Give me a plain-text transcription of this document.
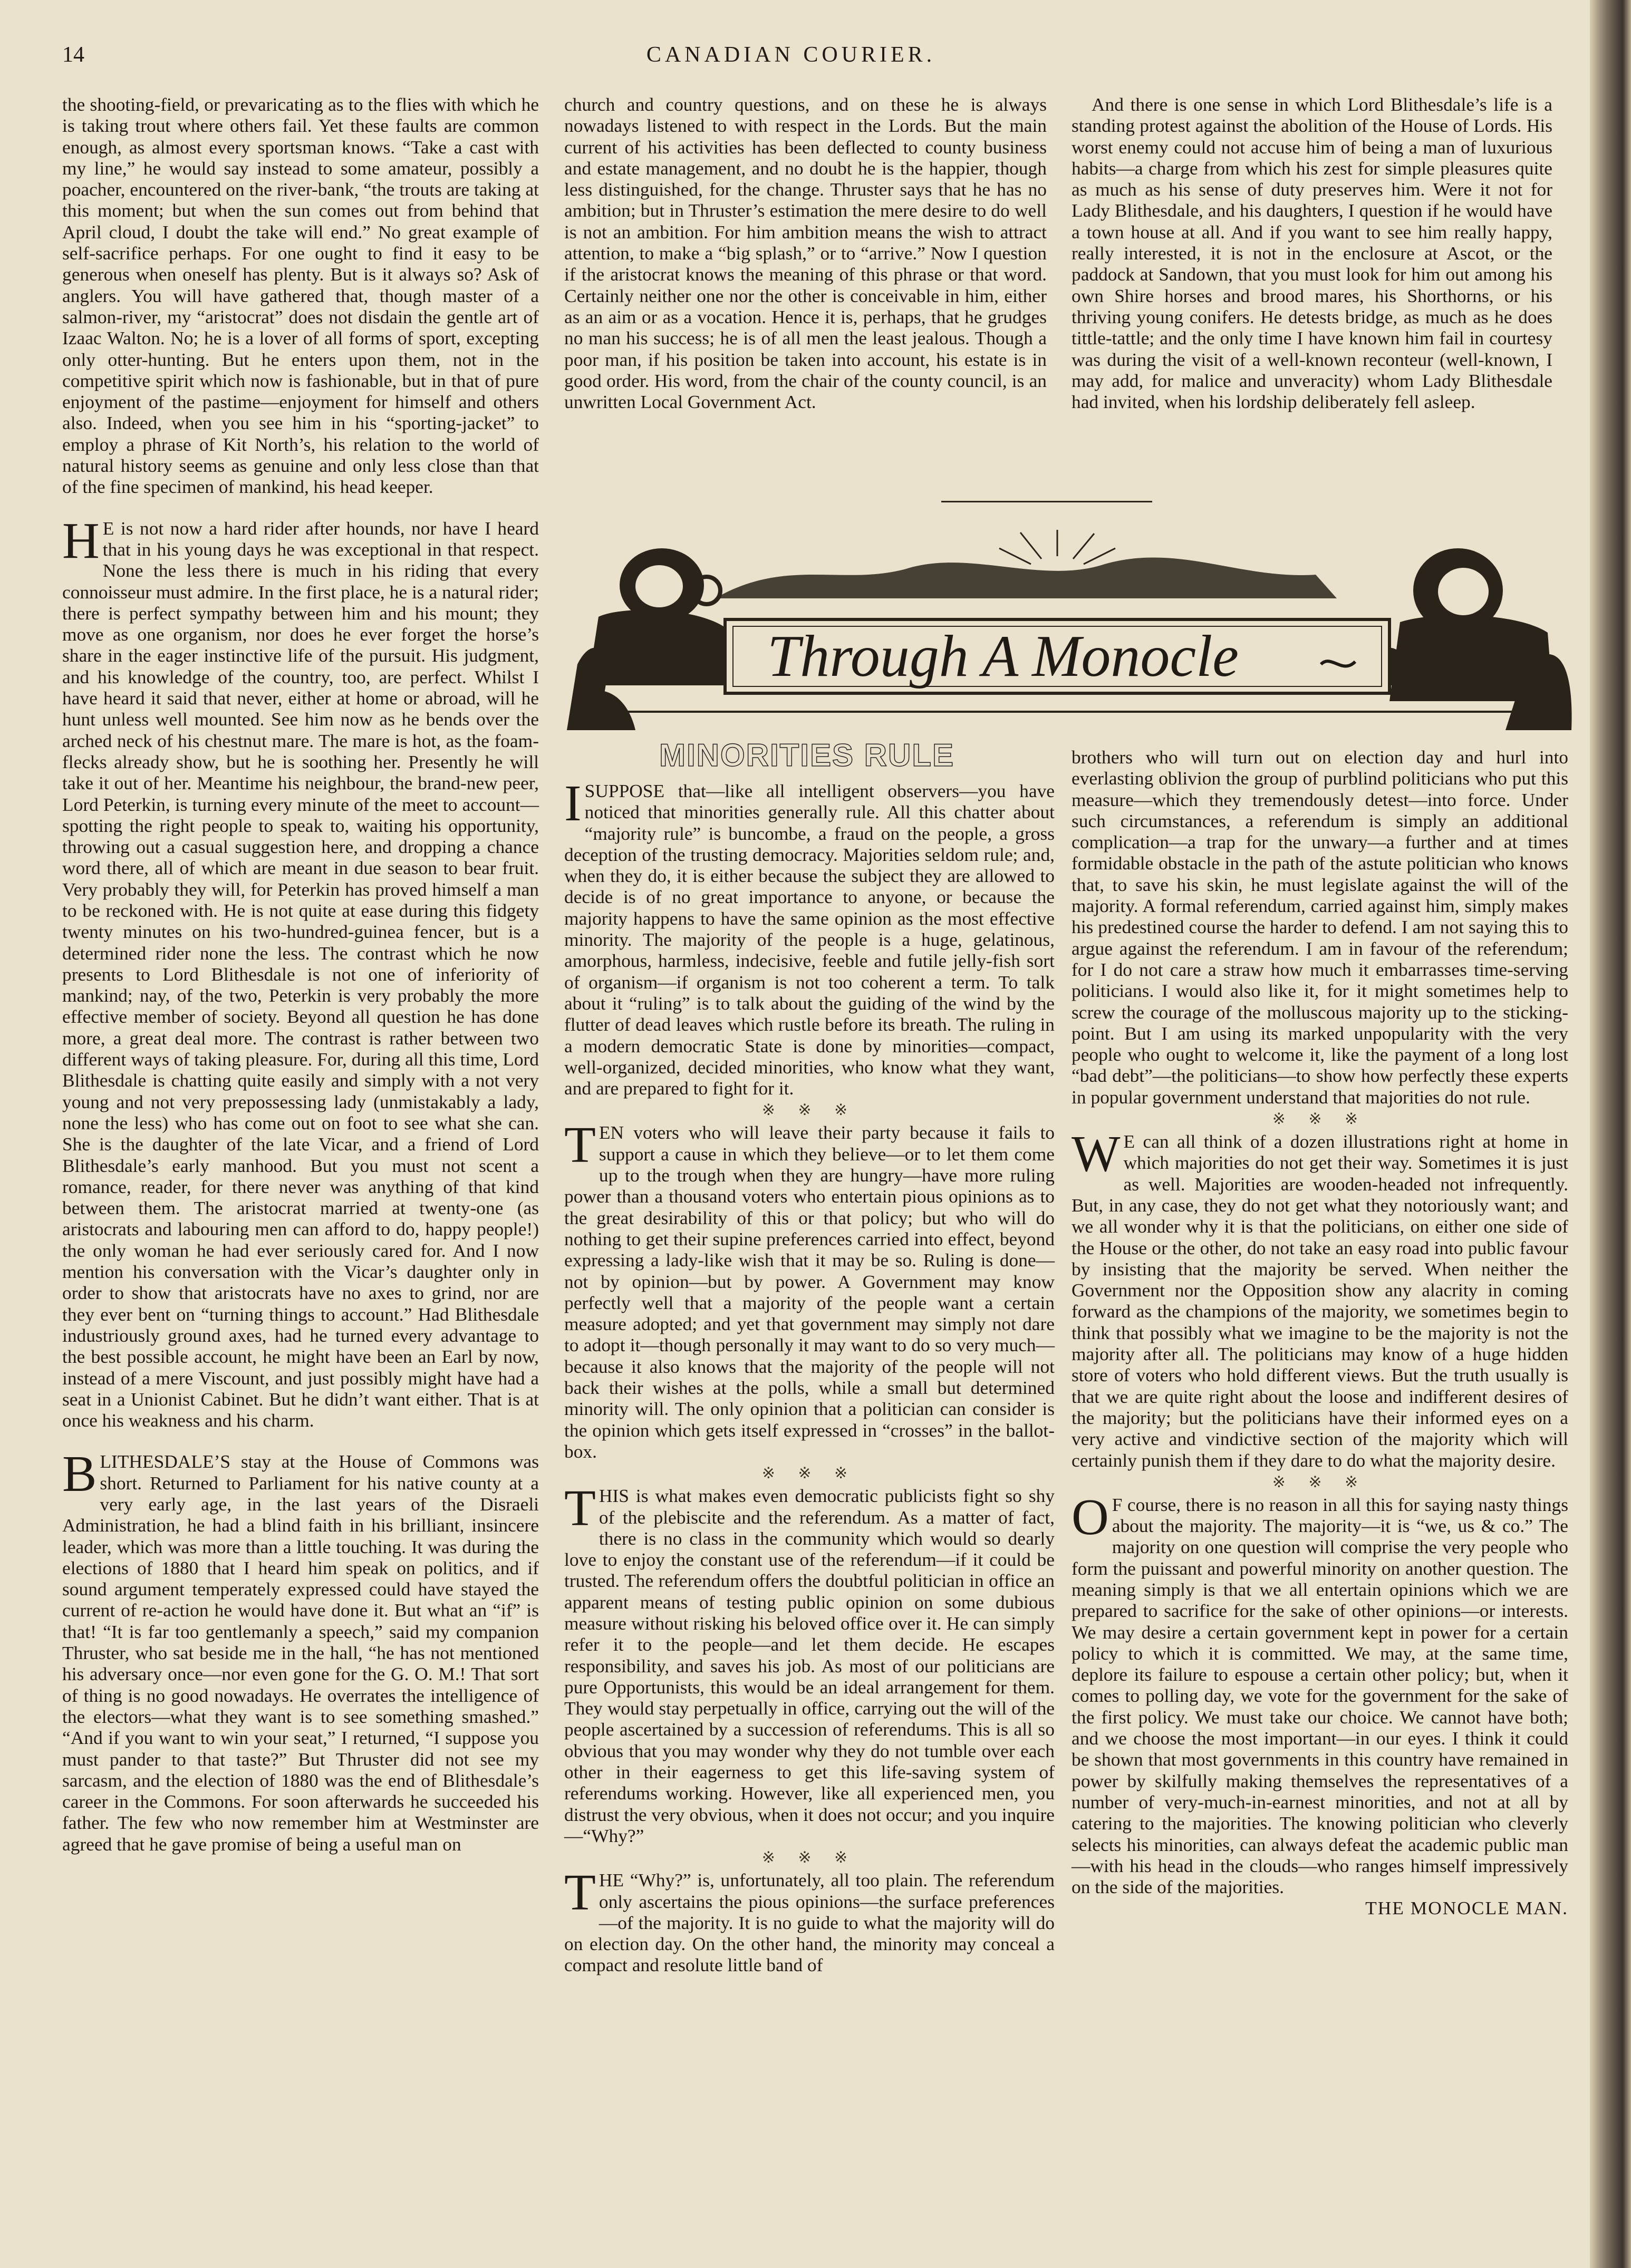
14	CANADIAN COURIER.

the shooting-field, or prevaricating as to the flies with which he is taking trout where others fail. Yet these faults are common enough, as almost every sportsman knows. “Take a cast with my line,” he would say instead to some amateur, possibly a poacher, encountered on the river-bank, “the trouts are taking at this moment; but when the sun comes out from behind that April cloud, I doubt the take will end.” No great example of self-sacrifice perhaps. For one ought to find it easy to be generous when oneself has plenty. But is it always so? Ask of anglers. You will have gathered that, though master of a salmon-river, my “aristocrat” does not disdain the gentle art of Izaac Walton. No; he is a lover of all forms of sport, excepting only otter-hunting. But he enters upon them, not in the competitive spirit which now is fashionable, but in that of pure enjoyment of the pastime—enjoyment for himself and others also. Indeed, when you see him in his “sporting-jacket” to employ a phrase of Kit North’s, his relation to the world of natural history seems as genuine and only less close than that of the fine specimen of mankind, his head keeper.

HE is not now a hard rider after hounds, nor have I heard that in his young days he was exceptional in that respect. None the less there is much in his riding that every connoisseur must admire. In the first place, he is a natural rider; there is perfect sympathy between him and his mount; they move as one organism, nor does he ever forget the horse’s share in the eager instinctive life of the pursuit. His judgment, and his knowledge of the country, too, are perfect. Whilst I have heard it said that never, either at home or abroad, will he hunt unless well mounted. See him now as he bends over the arched neck of his chestnut mare. The mare is hot, as the foam-flecks already show, but he is soothing her. Presently he will take it out of her. Meantime his neighbour, the brand-new peer, Lord Peterkin, is turning every minute of the meet to account—spotting the right people to speak to, waiting his opportunity, throwing out a casual suggestion here, and dropping a chance word there, all of which are meant in due season to bear fruit. Very probably they will, for Peterkin has proved himself a man to be reckoned with. He is not quite at ease during this fidgety twenty minutes on his two-hundred-guinea fencer, but is a determined rider none the less. The contrast which he now presents to Lord Blithesdale is not one of inferiority of mankind; nay, of the two, Peterkin is very probably the more effective member of society. Beyond all question he has done more, a great deal more. The contrast is rather between two different ways of taking pleasure. For, during all this time, Lord Blithesdale is chatting quite easily and simply with a not very young and not very prepossessing lady (unmistakably a lady, none the less) who has come out on foot to see what she can. She is the daughter of the late Vicar, and a friend of Lord Blithesdale’s early manhood. But you must not scent a romance, reader, for there never was anything of that kind between them. The aristocrat married at twenty-one (as aristocrats and labouring men can afford to do, happy people!) the only woman he had ever seriously cared for. And I now mention his conversation with the Vicar’s daughter only in order to show that aristocrats have no axes to grind, nor are they ever bent on “turning things to account.” Had Blithesdale industriously ground axes, had he turned every advantage to the best possible account, he might have been an Earl by now, instead of a mere Viscount, and just possibly might have had a seat in a Unionist Cabinet. But he didn’t want either. That is at once his weakness and his charm.

BLITHESDALE’S stay at the House of Commons was short. Returned to Parliament for his native county at a very early age, in the last years of the Disraeli Administration, he had a blind faith in his brilliant, insincere leader, which was more than a little touching. It was during the elections of 1880 that I heard him speak on politics, and if sound argument temperately expressed could have stayed the current of re-action he would have done it. But what an “if” is that! “It is far too gentlemanly a speech,” said my companion Thruster, who sat beside me in the hall, “he has not mentioned his adversary once—nor even gone for the G. O. M.! That sort of thing is no good nowadays. He overrates the intelligence of the electors—what they want is to see something smashed.” “And if you want to win your seat,” I returned, “I suppose you must pander to that taste?” But Thruster did not see my sarcasm, and the election of 1880 was the end of Blithesdale’s career in the Commons. For soon afterwards he succeeded his father. The few who now remember him at Westminster are agreed that he gave promise of being a useful man on

church and country questions, and on these he is always nowadays listened to with respect in the Lords. But the main current of his activities has been deflected to county business and estate management, and no doubt he is the happier, though less distinguished, for the change. Thruster says that he has no ambition; but in Thruster’s estimation the mere desire to do well is not an ambition. For him ambition means the wish to attract attention, to make a “big splash,” or to “arrive.” Now I question if the aristocrat knows the meaning of this phrase or that word. Certainly neither one nor the other is conceivable in him, either as an aim or as a vocation. Hence it is, perhaps, that he grudges no man his success; he is of all men the least jealous. Though a poor man, if his position be taken into account, his estate is in good order. His word, from the chair of the county council, is an unwritten Local Government Act.

And there is one sense in which Lord Blithesdale’s life is a standing protest against the abolition of the House of Lords. His worst enemy could not accuse him of being a man of luxurious habits—a charge from which his zest for simple pleasures quite as much as his sense of duty preserves him. Were it not for Lady Blithesdale, and his daughters, I question if he would have a town house at all. And if you want to see him really happy, really interested, it is not in the enclosure at Ascot, or the paddock at Sandown, that you must look for him out among his own Shire horses and brood mares, his Shorthorns, or his thriving young conifers. He detests bridge, as much as he does tittle-tattle; and the only time I have known him fail in courtesy was during the visit of a well-known reconteur (well-known, I may add, for malice and unveracity) whom Lady Blithesdale had invited, when his lordship deliberately fell asleep.

Through A Monocle
MINORITIES RULE

ISUPPOSE that—like all intelligent observers—you have noticed that minorities generally rule. All this chatter about “majority rule” is buncombe, a fraud on the people, a gross deception of the trusting democracy. Majorities seldom rule; and, when they do, it is either because the subject they are allowed to decide is of no great importance to anyone, or because the majority happens to have the same opinion as the most effective minority. The majority of the people is a huge, gelatinous, amorphous, harmless, indecisive, feeble and futile jelly-fish sort of organism—if organism is not too coherent a term. To talk about it “ruling” is to talk about the guiding of the wind by the flutter of dead leaves which rustle before its breath. The ruling in a modern democratic State is done by minorities—compact, well-organized, decided minorities, who know what they want, and are prepared to fight for it.

※ ※ ※

TEN voters who will leave their party because it fails to support a cause in which they believe—or to let them come up to the trough when they are hungry—have more ruling power than a thousand voters who entertain pious opinions as to the great desirability of this or that policy; but who will do nothing to get their supine preferences carried into effect, beyond expressing a lady-like wish that it may be so. Ruling is done—not by opinion—but by power. A Government may know perfectly well that a majority of the people want a certain measure adopted; and yet that government may simply not dare to adopt it—though personally it may want to do so very much—because it also knows that the majority of the people will not back their wishes at the polls, while a small but determined minority will. The only opinion that a politician can consider is the opinion which gets itself expressed in “crosses” in the ballot-box.

※ ※ ※

THIS is what makes even democratic publicists fight so shy of the plebiscite and the referendum. As a matter of fact, there is no class in the community which would so dearly love to enjoy the constant use of the referendum—if it could be trusted. The referendum offers the doubtful politician in office an apparent means of testing public opinion on some dubious measure without risking his beloved office over it. He can simply refer it to the people—and let them decide. He escapes responsibility, and saves his job. As most of our politicians are pure Opportunists, this would be an ideal arrangement for them. They would stay perpetually in office, carrying out the will of the people ascertained by a succession of referendums. This is all so obvious that you may wonder why they do not tumble over each other in their eagerness to get this life-saving system of referendums working. However, like all experienced men, you distrust the very obvious, when it does not occur; and you inquire—“Why?”

※ ※ ※

THE “Why?” is, unfortunately, all too plain. The referendum only ascertains the pious opinions—the surface preferences—of the majority. It is no guide to what the majority will do on election day. On the other hand, the minority may conceal a compact and resolute little band of

brothers who will turn out on election day and hurl into everlasting oblivion the group of purblind politicians who put this measure—which they tremendously detest—into force. Under such circumstances, a referendum is simply an additional complication—a trap for the unwary—a further and at times formidable obstacle in the path of the astute politician who knows that, to save his skin, he must legislate against the will of the majority. A formal referendum, carried against him, simply makes his predestined course the harder to defend. I am not saying this to argue against the referendum. I am in favour of the referendum; for I do not care a straw how much it embarrasses time-serving politicians. I would also like it, for it might sometimes help to screw the courage of the molluscous majority up to the sticking-point. But I am using its marked unpopularity with the very people who ought to welcome it, like the payment of a long lost “bad debt”—the politicians—to show how perfectly these experts in popular government understand that majorities do not rule.

※ ※ ※

WE can all think of a dozen illustrations right at home in which majorities do not get their way. Sometimes it is just as well. Majorities are wooden-headed not infrequently. But, in any case, they do not get what they notoriously want; and we all wonder why it is that the politicians, on either one side of the House or the other, do not take an easy road into public favour by insisting that the majority be served. When neither the Government nor the Opposition show any alacrity in coming forward as the champions of the majority, we sometimes begin to think that possibly what we imagine to be the majority is not the majority after all. The politicians may know of a huge hidden store of voters who hold different views. But the truth usually is that we are quite right about the loose and indifferent desires of the majority; but the politicians have their informed eyes on a very active and vindictive section of the majority which will certainly punish them if they dare to do what the majority desire.

※ ※ ※

OF course, there is no reason in all this for saying nasty things about the majority. The majority—it is “we, us & co.” The majority on one question will comprise the very people who form the puissant and powerful minority on another question. The meaning simply is that we all entertain opinions which we are prepared to sacrifice for the sake of other opinions—or interests. We may desire a certain government kept in power for a certain policy to which it is committed. We may, at the same time, deplore its failure to espouse a certain other policy; but, when it comes to polling day, we vote for the government for the sake of the first policy. We must take our choice. We cannot have both; and we choose the most important—in our eyes. I think it could be shown that most governments in this country have remained in power by skilfully making themselves the representatives of a number of very-much-in-earnest minorities, and not at all by catering to the majorities. The knowing politician who cleverly selects his minorities, can always defeat the academic public man—with his head in the clouds—who ranges himself impressively on the side of the majorities.

THE MONOCLE MAN.
